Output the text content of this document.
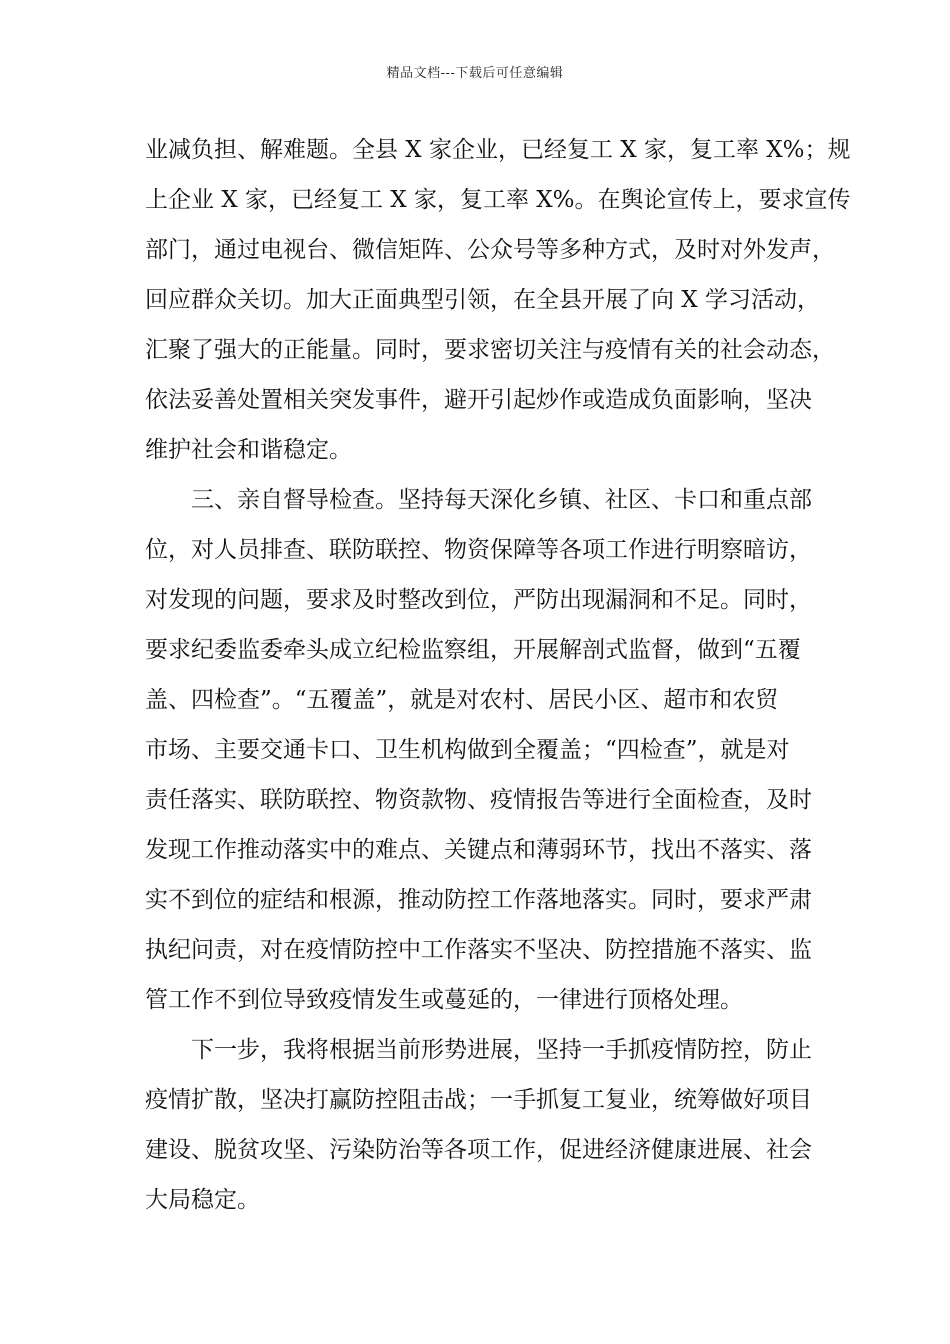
精品文档---下载后可任意编辑
业减负担、解难题。全县 X 家企业，已经复工 X 家，复工率 X%；规
上企业 X 家，已经复工 X 家，复工率 X%。在舆论宣传上，要求宣传
部门，通过电视台、微信矩阵、公众号等多种方式，及时对外发声，
回应群众关切。加大正面典型引领，在全县开展了向 X 学习活动，
汇聚了强大的正能量。同时，要求密切关注与疫情有关的社会动态，
依法妥善处置相关突发事件，避开引起炒作或造成负面影响，坚决
维护社会和谐稳定。
三、亲自督导检查。坚持每天深化乡镇、社区、卡口和重点部
位，对人员排查、联防联控、物资保障等各项工作进行明察暗访，
对发现的问题，要求及时整改到位，严防出现漏洞和不足。同时，
要求纪委监委牵头成立纪检监察组，开展解剖式监督，做到“五覆
盖、四检查”。“五覆盖”，就是对农村、居民小区、超市和农贸
市场、主要交通卡口、卫生机构做到全覆盖；“四检查”，就是对
责任落实、联防联控、物资款物、疫情报告等进行全面检查，及时
发现工作推动落实中的难点、关键点和薄弱环节，找出不落实、落
实不到位的症结和根源，推动防控工作落地落实。同时，要求严肃
执纪问责，对在疫情防控中工作落实不坚决、防控措施不落实、监
管工作不到位导致疫情发生或蔓延的，一律进行顶格处理。
下一步，我将根据当前形势进展，坚持一手抓疫情防控，防止
疫情扩散，坚决打赢防控阻击战；一手抓复工复业，统筹做好项目
建设、脱贫攻坚、污染防治等各项工作，促进经济健康进展、社会
大局稳定。
